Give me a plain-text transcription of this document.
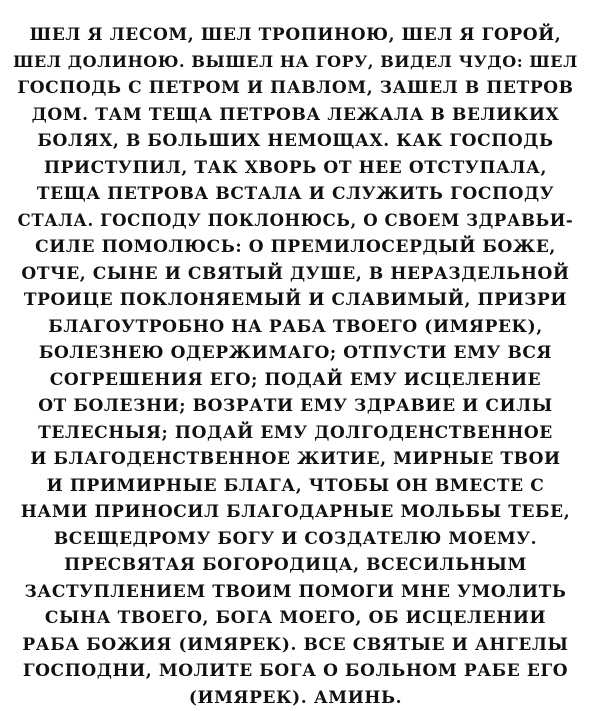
ШЕЛ Я ЛЕСОМ, ШЕЛ ТРОПИНОЮ, ШЕЛ Я ГОРОЙ,
ШЕЛ ДОЛИНОЮ. ВЫШЕЛ НА ГОРУ, ВИДЕЛ ЧУДО: ШЕЛ
ГОСПОДЬ С ПЕТРОМ И ПАВЛОМ, ЗАШЕЛ В ПЕТРОВ
ДОМ. ТАМ ТЕЩА ПЕТРОВА ЛЕЖАЛА В ВЕЛИКИХ
БОЛЯХ, В БОЛЬШИХ НЕМОЩАХ. КАК ГОСПОДЬ
ПРИСТУПИЛ, ТАК ХВОРЬ ОТ НЕЕ ОТСТУПАЛА,
ТЕЩА ПЕТРОВА ВСТАЛА И СЛУЖИТЬ ГОСПОДУ
СТАЛА. ГОСПОДУ ПОКЛОНЮСЬ, О СВОЕМ ЗДРАВЬИ-
СИЛЕ ПОМОЛЮСЬ: О ПРЕМИЛОСЕРДЫЙ БОЖЕ,
ОТЧЕ, СЫНЕ И СВЯТЫЙ ДУШЕ, В НЕРАЗДЕЛЬНОЙ
ТРОИЦЕ ПОКЛОНЯЕМЫЙ И СЛАВИМЫЙ, ПРИЗРИ
БЛАГОУТРОБНО НА РАБА ТВОЕГО (ИМЯРЕК),
БОЛЕЗНЕЮ ОДЕРЖИМАГО; ОТПУСТИ ЕМУ ВСЯ
СОГРЕШЕНИЯ ЕГО; ПОДАЙ ЕМУ ИСЦЕЛЕНИЕ
ОТ БОЛЕЗНИ; ВОЗРАТИ ЕМУ ЗДРАВИЕ И СИЛЫ
ТЕЛЕСНЫЯ; ПОДАЙ ЕМУ ДОЛГОДЕНСТВЕННОЕ
И БЛАГОДЕНСТВЕННОЕ ЖИТИЕ, МИРНЫЕ ТВОИ
И ПРИМИРНЫЕ БЛАГА, ЧТОБЫ ОН ВМЕСТЕ С
НАМИ ПРИНОСИЛ БЛАГОДАРНЫЕ МОЛЬБЫ ТЕБЕ,
ВСЕЩЕДРОМУ БОГУ И СОЗДАТЕЛЮ МОЕМУ.
ПРЕСВЯТАЯ БОГОРОДИЦА, ВСЕСИЛЬНЫМ
ЗАСТУПЛЕНИЕМ ТВОИМ ПОМОГИ МНЕ УМОЛИТЬ
СЫНА ТВОЕГО, БОГА МОЕГО, ОБ ИСЦЕЛЕНИИ
РАБА БОЖИЯ (ИМЯРЕК). ВСЕ СВЯТЫЕ И АНГЕЛЫ
ГОСПОДНИ, МОЛИТЕ БОГА О БОЛЬНОМ РАБЕ ЕГО
(ИМЯРЕК). АМИНЬ.
